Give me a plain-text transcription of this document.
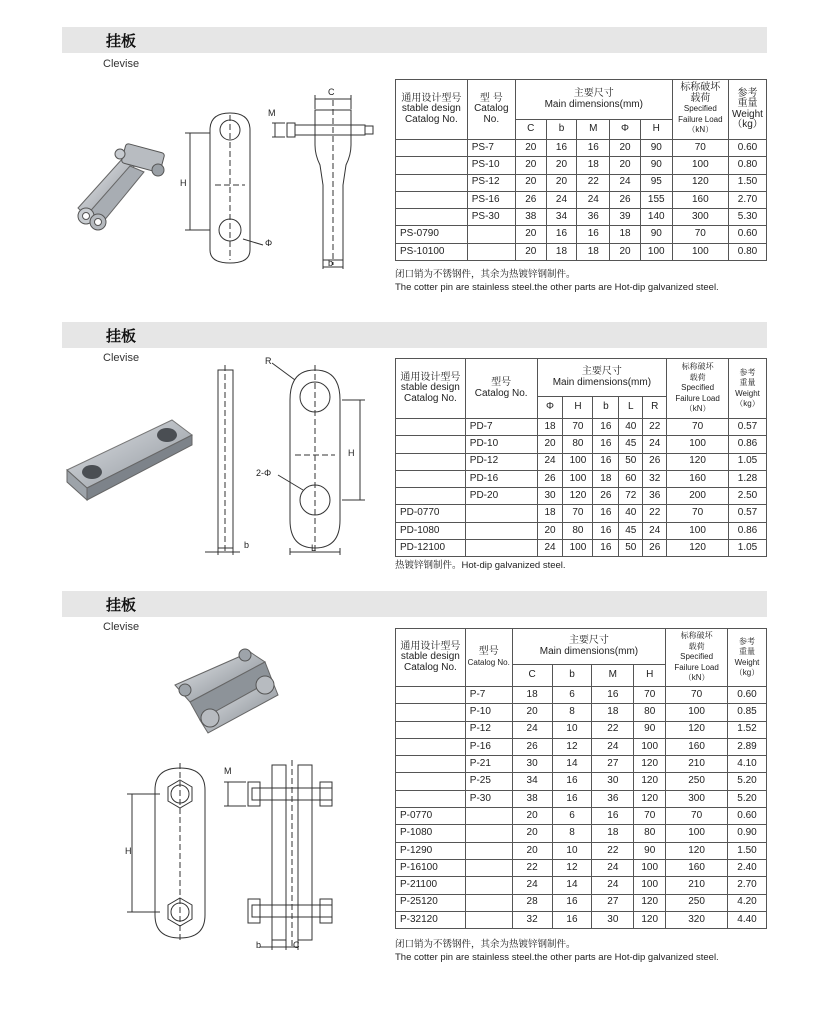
挂板
Clevise
C
M
H
Φ
b
通用设计型号
stable design
Catalog No.	型 号
Catalog
No.	主要尺寸
Main dimensions(mm)					标称破坏
载荷
Specified
Failure Load
（kN）	参考
重量
Weight
（kg）
		C	b	M	Φ	H		
	PS-7	20	16	16	20	90	70	0.60
	PS-10	20	20	18	20	90	100	0.80
	PS-12	20	20	22	24	95	120	1.50
	PS-16	26	24	24	26	155	160	2.70
	PS-30	38	34	36	39	140	300	5.30
PS-0790		20	16	16	18	90	70	0.60
PS-10100		20	18	18	20	100	100	0.80
闭口销为不锈钢件，其余为热镀锌钢制件。
The cotter pin are stainless steel.the other parts are Hot-dip galvanized steel.
挂板
Clevise	R
H
2-Φ
b	L
通用设计型号
stable design
Catalog No.	型号
Catalog No.	主要尺寸
Main dimensions(mm)					标称破坏
载荷
Specified
Failure Load
（kN）	参考
重量
Weight
（kg）
		Φ	H	b	L	R		
	PD-7	18	70	16	40	22	70	0.57
	PD-10	20	80	16	45	24	100	0.86
	PD-12	24	100	16	50	26	120	1.05
	PD-16	26	100	18	60	32	160	1.28
	PD-20	30	120	26	72	36	200	2.50
PD-0770		18	70	16	40	22	70	0.57
PD-1080		20	80	16	45	24	100	0.86
PD-12100		24	100	16	50	26	120	1.05
热镀锌钢制件。Hot-dip galvanized steel.
挂板
Clevise
M
H
b	C
通用设计型号
stable design
Catalog No.	型号
Catalog No.	主要尺寸
Main dimensions(mm)				标称破坏
载荷
Specified
Failure Load
（kN）	参考
重量
Weight
（kg）
		C	b	M	H		
	P-7	18	6	16	70	70	0.60
	P-10	20	8	18	80	100	0.85
	P-12	24	10	22	90	120	1.52
	P-16	26	12	24	100	160	2.89
	P-21	30	14	27	120	210	4.10
	P-25	34	16	30	120	250	5.20
	P-30	38	16	36	120	300	5.20
P-0770		20	6	16	70	70	0.60
P-1080		20	8	18	80	100	0.90
P-1290		20	10	22	90	120	1.50
P-16100		22	12	24	100	160	2.40
P-21100		24	14	24	100	210	2.70
P-25120		28	16	27	120	250	4.20
P-32120		32	16	30	120	320	4.40
闭口销为不锈钢件，其余为热镀锌钢制件。
The cotter pin are stainless steel.the other parts are Hot-dip galvanized steel.
